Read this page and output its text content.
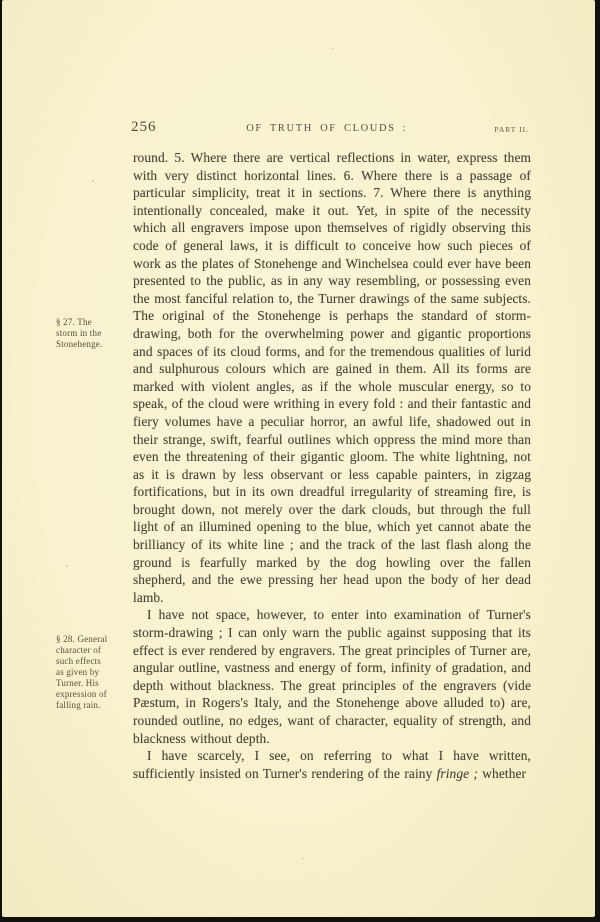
256	OF TRUTH OF CLOUDS :	PART II.
§ 27. The
storm in the
Stonehenge.
§ 28. General
character of
such effects
as given by
Turner. His
expression of
falling rain.

round. 5. Where there are vertical reflections in water, express them with very distinct horizontal lines. 6. Where there is a passage of particular simplicity, treat it in sections. 7. Where there is anything intentionally concealed, make it out. Yet, in spite of the necessity which all engravers impose upon themselves of rigidly observing this code of general laws, it is difficult to conceive how such pieces of work as the plates of Stonehenge and Winchelsea could ever have been presented to the public, as in any way resembling, or possessing even the most fanciful relation to, the Turner drawings of the same subjects. The original of the Stonehenge is perhaps the standard of storm-drawing, both for the overwhelming power and gigantic proportions and spaces of its cloud forms, and for the tremendous qualities of lurid and sulphurous colours which are gained in them. All its forms are marked with violent angles, as if the whole muscular energy, so to speak, of the cloud were writhing in every fold : and their fantastic and fiery volumes have a peculiar horror, an awful life, shadowed out in their strange, swift, fearful outlines which oppress the mind more than even the threatening of their gigantic gloom. The white lightning, not as it is drawn by less observant or less capable painters, in zigzag fortifications, but in its own dreadful irregularity of streaming fire, is brought down, not merely over the dark clouds, but through the full light of an illumined opening to the blue, which yet cannot abate the brilliancy of its white line ; and the track of the last flash along the ground is fearfully marked by the dog howling over the fallen shepherd, and the ewe pressing her head upon the body of her dead lamb.

I have not space, however, to enter into examination of Turner's storm-drawing ; I can only warn the public against supposing that its effect is ever rendered by engravers. The great principles of Turner are, angular outline, vastness and energy of form, infinity of gradation, and depth without blackness. The great principles of the engravers (vide Pæstum, in Rogers's Italy, and the Stonehenge above alluded to) are, rounded outline, no edges, want of character, equality of strength, and blackness without depth.

I have scarcely, I see, on referring to what I have written, sufficiently insisted on Turner's rendering of the rainy fringe ; whether
